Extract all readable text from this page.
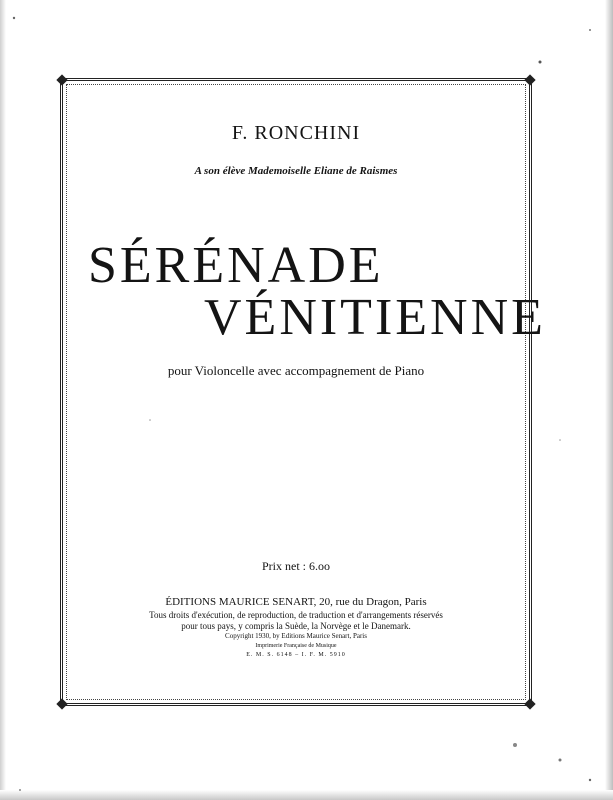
F. RONCHINI
A son élève Mademoiselle Eliane de Raismes
SÉRÉNADE
VÉNITIENNE
pour Violoncelle avec accompagnement de Piano
Prix net : 6.oo
ÉDITIONS MAURICE SENART, 20, rue du Dragon, Paris
Tous droits d'exécution, de reproduction, de traduction et d'arrangements réservés
pour tous pays, y compris la Suède, la Norvège et le Danemark.
Copyright 1930, by Editions Maurice Senart, Paris
Imprimerie Française de Musique
E. M. S. 6148 – I. F. M. 5910
